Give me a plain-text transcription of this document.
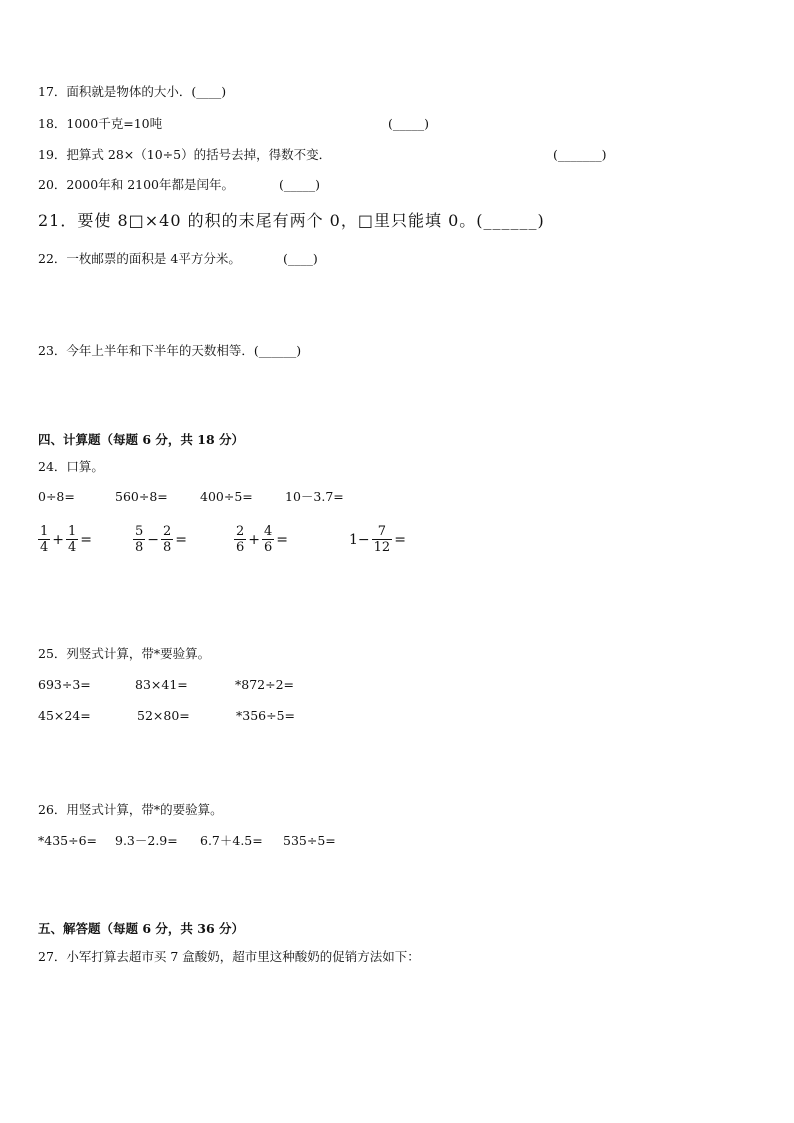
17．面积就是物体的大小．(____)
18．1000千克=10吨	(_____)
19．把算式 28×（10÷5）的括号去掉，得数不变．	(_______)
20．2000年和 2100年都是闰年。	(_____)
21．要使 8□×40 的积的末尾有两个 0，□里只能填 0。(______)
22．一枚邮票的面积是 4平方分米。	(____)
23．今年上半年和下半年的天数相等．(______)
四、计算题（每题 6 分，共 18 分）
24．口算。
0÷8=	560÷8=	400÷5=	10－3.7=
$\frac{1}{4} + \frac{1}{4}$ =	$\frac{5}{8} - \frac{2}{8}$ =	$\frac{2}{6} + \frac{4}{6}$ =	$1- \frac{7}{12}$ =
25．列竖式计算，带*要验算。
693÷3=	83×41=	*872÷2=
45×24=	52×80=	*356÷5=
26．用竖式计算，带*的要验算。
*435÷6= 9.3－2.9= 6.7＋4.5= 535÷5=
五、解答题（每题 6 分，共 36 分）
27．小军打算去超市买 7 盒酸奶，超市里这种酸奶的促销方法如下：
